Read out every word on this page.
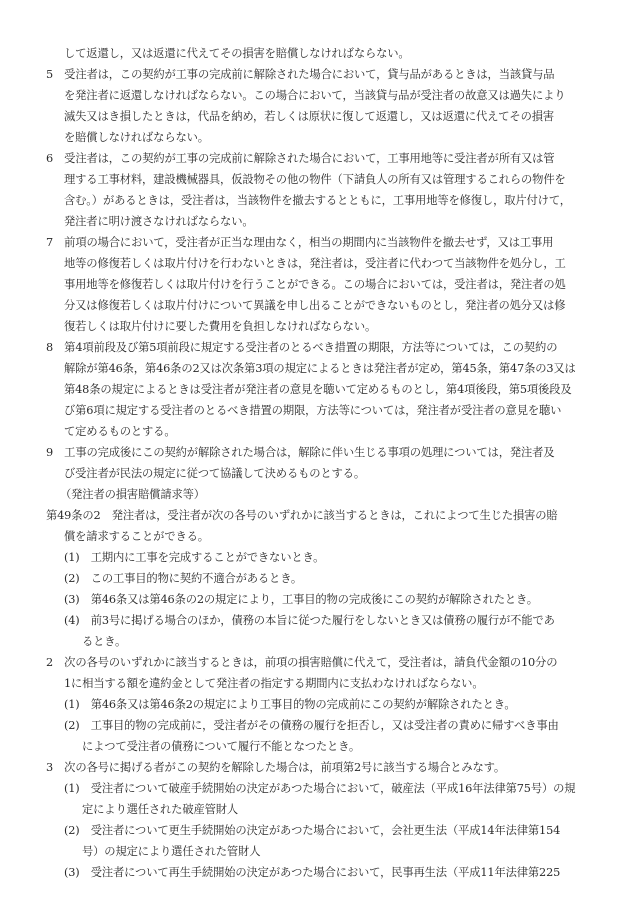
して返還し，又は返還に代えてその損害を賠償しなければならない。
5　受注者は，この契約が工事の完成前に解除された場合において，貸与品があるときは，当該貸与品
を発注者に返還しなければならない。この場合において，当該貸与品が受注者の故意又は過失により
滅失又はき損したときは，代品を納め，若しくは原状に復して返還し，又は返還に代えてその損害
を賠償しなければならない。
6　受注者は，この契約が工事の完成前に解除された場合において，工事用地等に受注者が所有又は管
理する工事材料，建設機械器具，仮設物その他の物件（下請負人の所有又は管理するこれらの物件を
含む。）があるときは，受注者は，当該物件を撤去するとともに，工事用地等を修復し，取片付けて，
発注者に明け渡さなければならない。
7　前項の場合において，受注者が正当な理由なく，相当の期間内に当該物件を撤去せず，又は工事用
地等の修復若しくは取片付けを行わないときは，発注者は，受注者に代わつて当該物件を処分し，工
事用地等を修復若しくは取片付けを行うことができる。この場合においては，受注者は，発注者の処
分又は修復若しくは取片付けについて異議を申し出ることができないものとし，発注者の処分又は修
復若しくは取片付けに要した費用を負担しなければならない。
8　第4項前段及び第5項前段に規定する受注者のとるべき措置の期限，方法等については，この契約の
解除が第46条，第46条の2又は次条第3項の規定によるときは発注者が定め，第45条，第47条の3又は
第48条の規定によるときは受注者が発注者の意見を聴いて定めるものとし，第4項後段，第5項後段及
び第6項に規定する受注者のとるべき措置の期限，方法等については，発注者が受注者の意見を聴い
て定めるものとする。
9　工事の完成後にこの契約が解除された場合は，解除に伴い生じる事項の処理については，発注者及
び受注者が民法の規定に従つて協議して決めるものとする。
（発注者の損害賠償請求等）
第49条の2　発注者は，受注者が次の各号のいずれかに該当するときは，これによつて生じた損害の賠
償を請求することができる。
(1)　工期内に工事を完成することができないとき。
(2)　この工事目的物に契約不適合があるとき。
(3)　第46条又は第46条の2の規定により，工事目的物の完成後にこの契約が解除されたとき。
(4)　前3号に掲げる場合のほか，債務の本旨に従つた履行をしないとき又は債務の履行が不能であ
るとき。
2　次の各号のいずれかに該当するときは，前項の損害賠償に代えて，受注者は，請負代金額の10分の
1に相当する額を違約金として発注者の指定する期間内に支払わなければならない。
(1)　第46条又は第46条2の規定により工事目的物の完成前にこの契約が解除されたとき。
(2)　工事目的物の完成前に，受注者がその債務の履行を拒否し，又は受注者の責めに帰すべき事由
によつて受注者の債務について履行不能となつたとき。
3　次の各号に掲げる者がこの契約を解除した場合は，前項第2号に該当する場合とみなす。
(1)　受注者について破産手続開始の決定があつた場合において，破産法（平成16年法律第75号）の規
定により選任された破産管財人
(2)　受注者について更生手続開始の決定があつた場合において，会社更生法（平成14年法律第154
号）の規定により選任された管財人
(3)　受注者について再生手続開始の決定があつた場合において，民事再生法（平成11年法律第225
